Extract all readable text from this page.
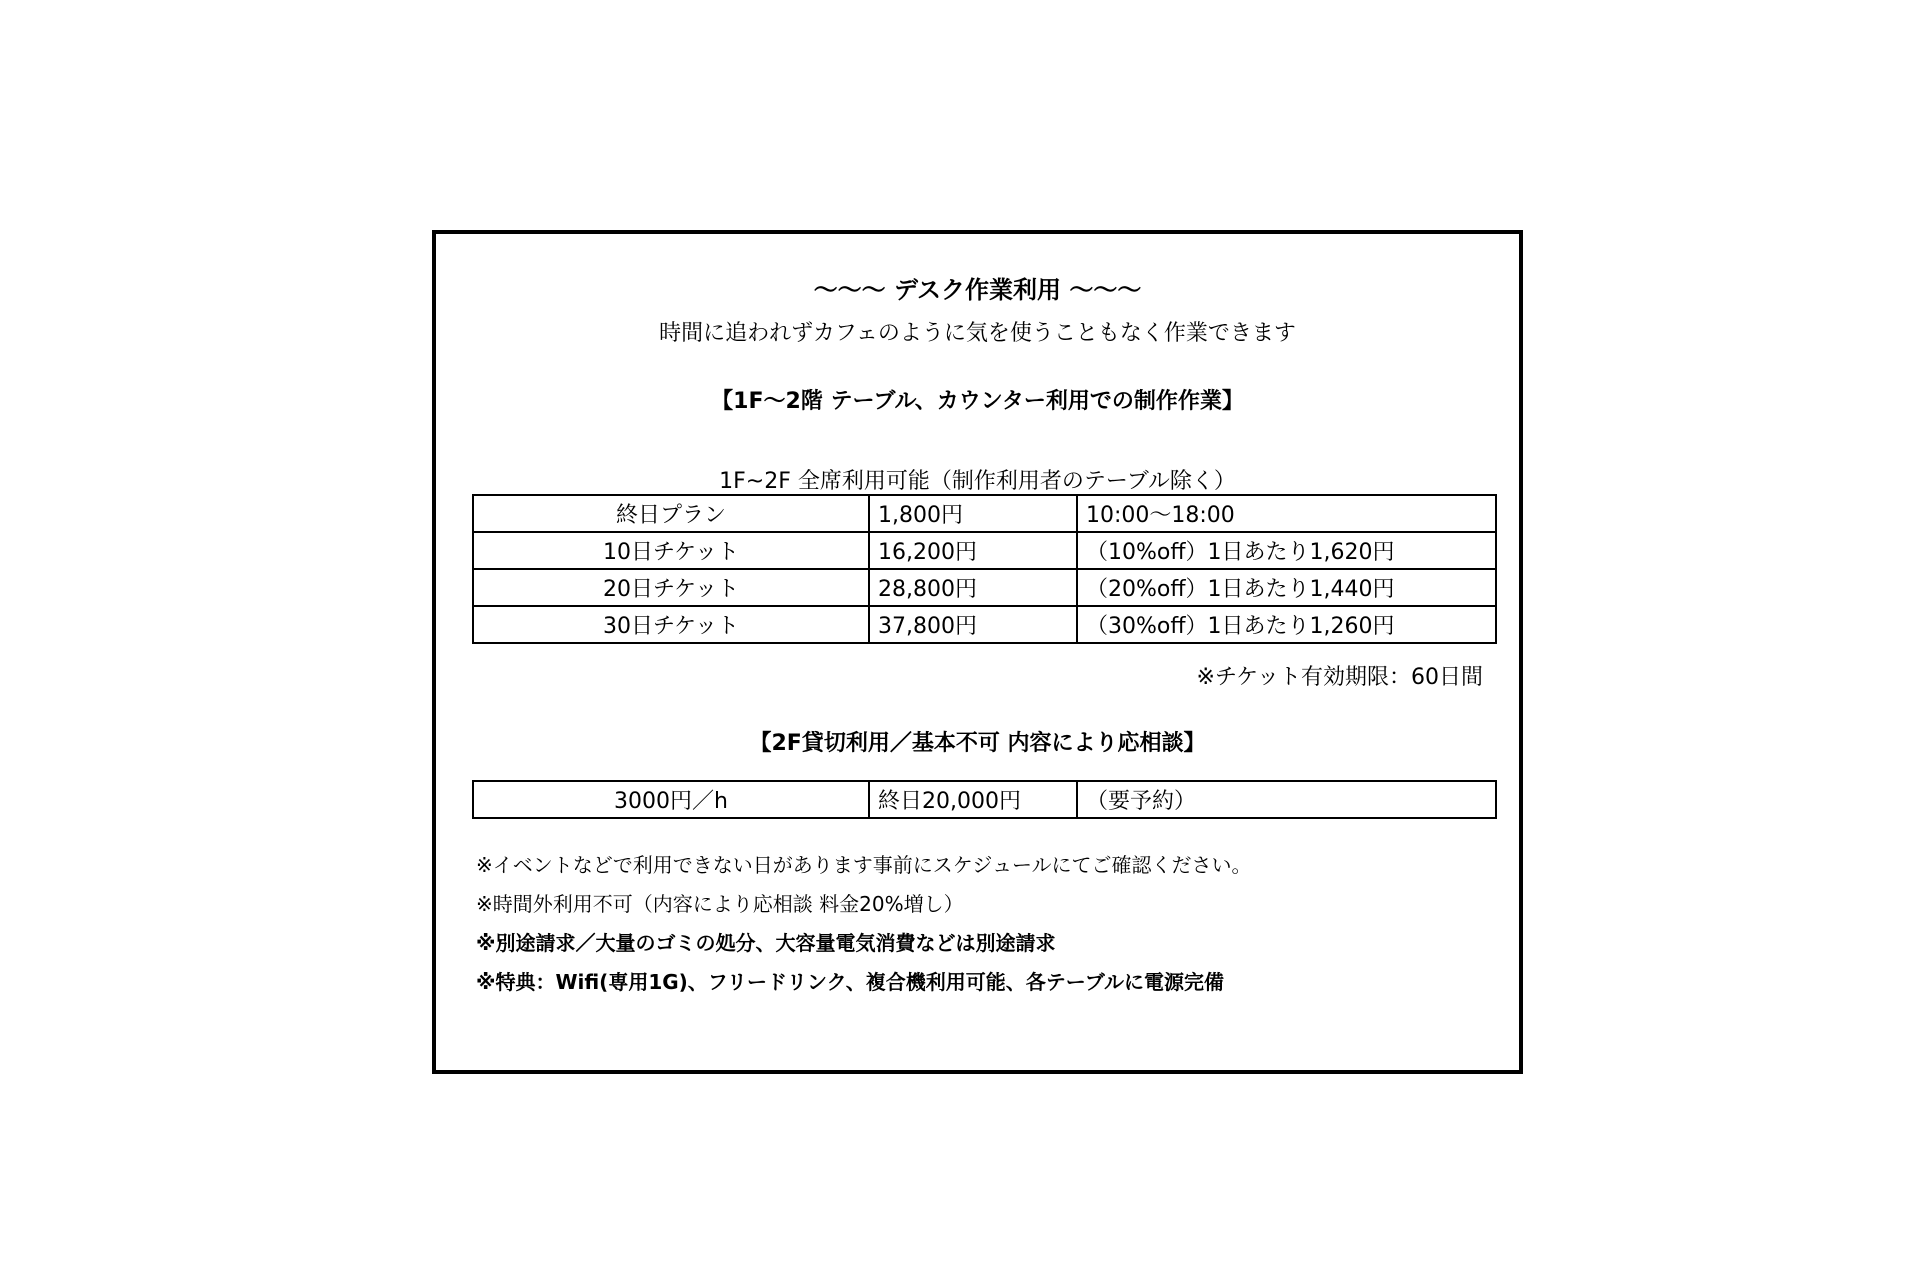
〜〜〜 デスク作業利用 〜〜〜
時間に追われずカフェのように気を使うこともなく作業できます
【1F〜2階 テーブル、カウンター利用での制作作業】
1F~2F 全席利用可能（制作利用者のテーブル除く）
終日プラン	1,800円	10:00〜18:00
10日チケット	16,200円	（10%off）1日あたり1,620円
20日チケット	28,800円	（20%off）1日あたり1,440円
30日チケット	37,800円	（30%off）1日あたり1,260円
※チケット有効期限：60日間
【2F貸切利用／基本不可 内容により応相談】
3000円／h	終日20,000円	（要予約）
※イベントなどで利用できない日があります事前にスケジュールにてご確認ください。
※時間外利用不可（内容により応相談 料金20%増し）
※別途請求／大量のゴミの処分、大容量電気消費などは別途請求
※特典：Wifi(専用1G)、フリードリンク、複合機利用可能、各テーブルに電源完備
